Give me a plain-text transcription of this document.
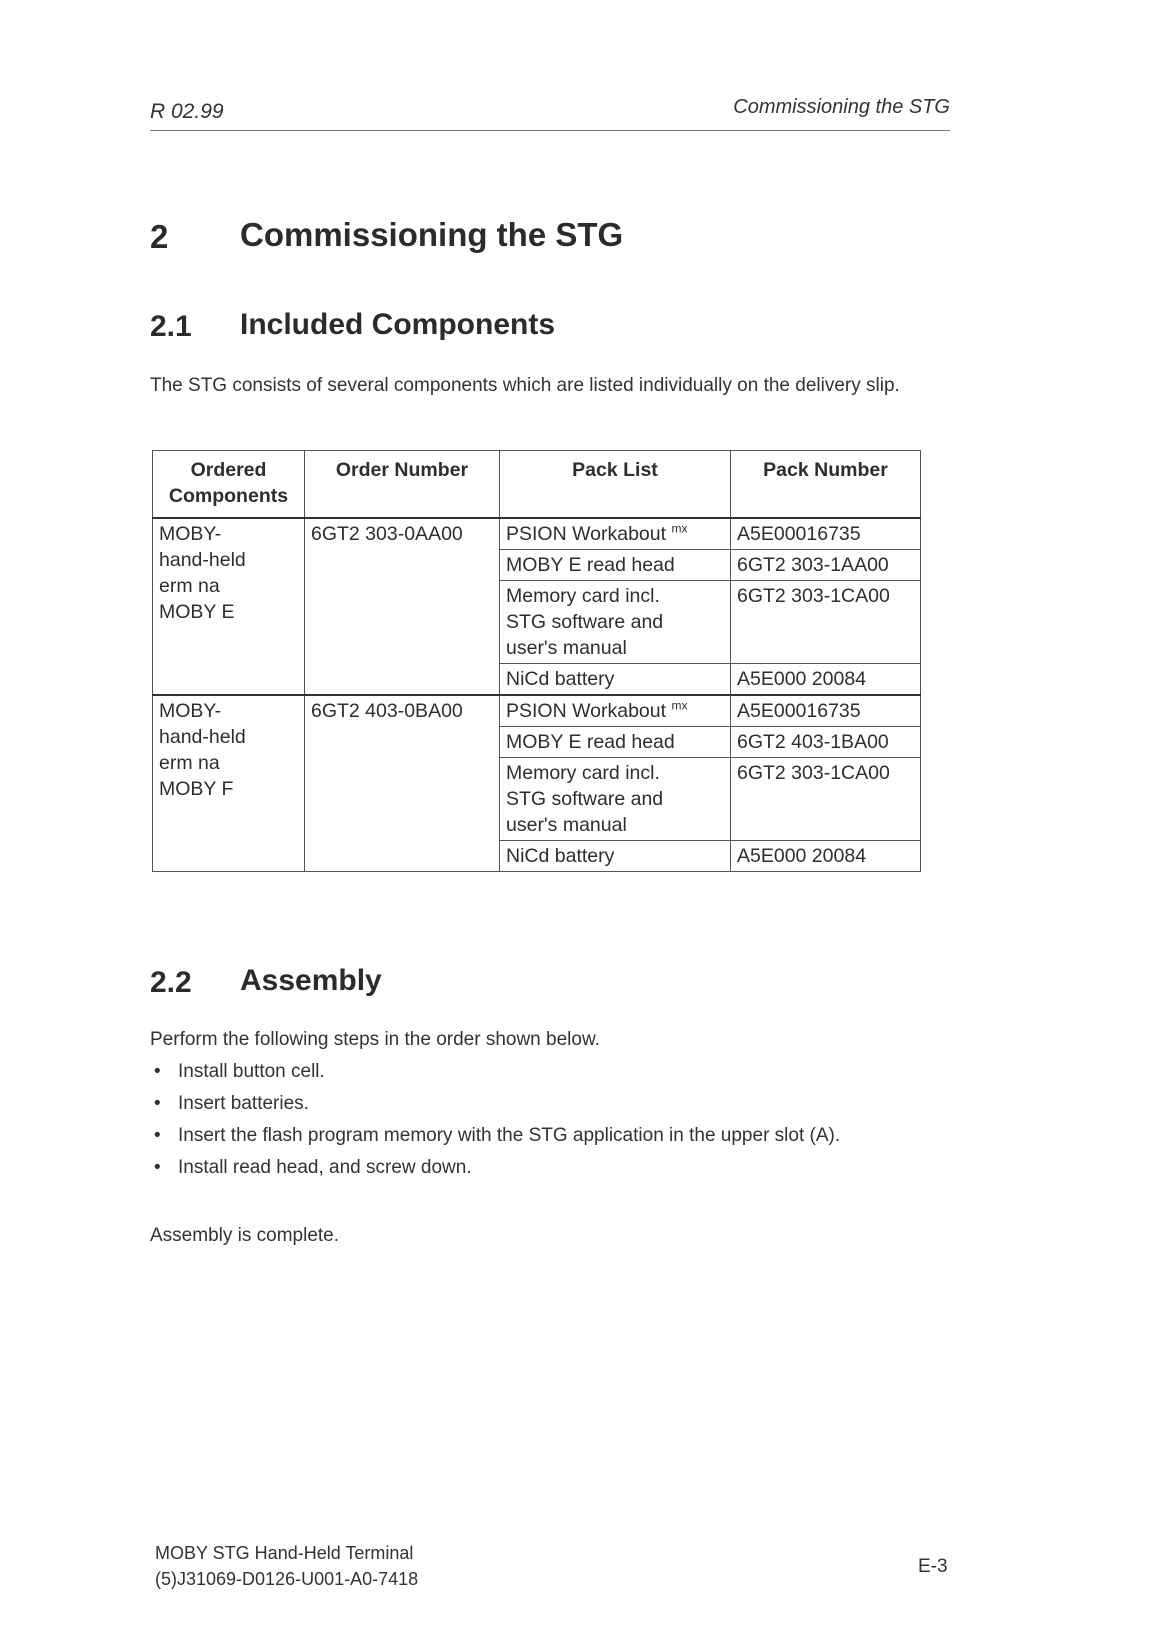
R 02.99	Commissioning the STG
2 Commissioning the STG
2.1 Included Components
The STG consists of several components which are listed individually on the delivery slip.
Ordered Components	Order Number	Pack List	Pack Number
MOBY-
hand-held
erm na
MOBY E	6GT2 303-0AA00	PSION Workabout $^{mx}$	A5E00016735
		MOBY E read head	6GT2 303-1AA00
		Memory card incl.
STG software and
user's manual	6GT2 303-1CA00
		NiCd battery	A5E000 20084
MOBY-
hand-held
erm na
MOBY F	6GT2 403-0BA00	PSION Workabout $^{mx}$	A5E00016735
		MOBY E read head	6GT2 403-1BA00
		Memory card incl.
STG software and
user's manual	6GT2 303-1CA00
		NiCd battery	A5E000 20084
2.2 Assembly
Perform the following steps in the order shown below.
• Install button cell.
• Insert batteries.
• Insert the flash program memory with the STG application in the upper slot (A).
• Install read head, and screw down.
Assembly is complete.
MOBY STG Hand-Held Terminal
(5)J31069-D0126-U001-A0-7418
E-3
